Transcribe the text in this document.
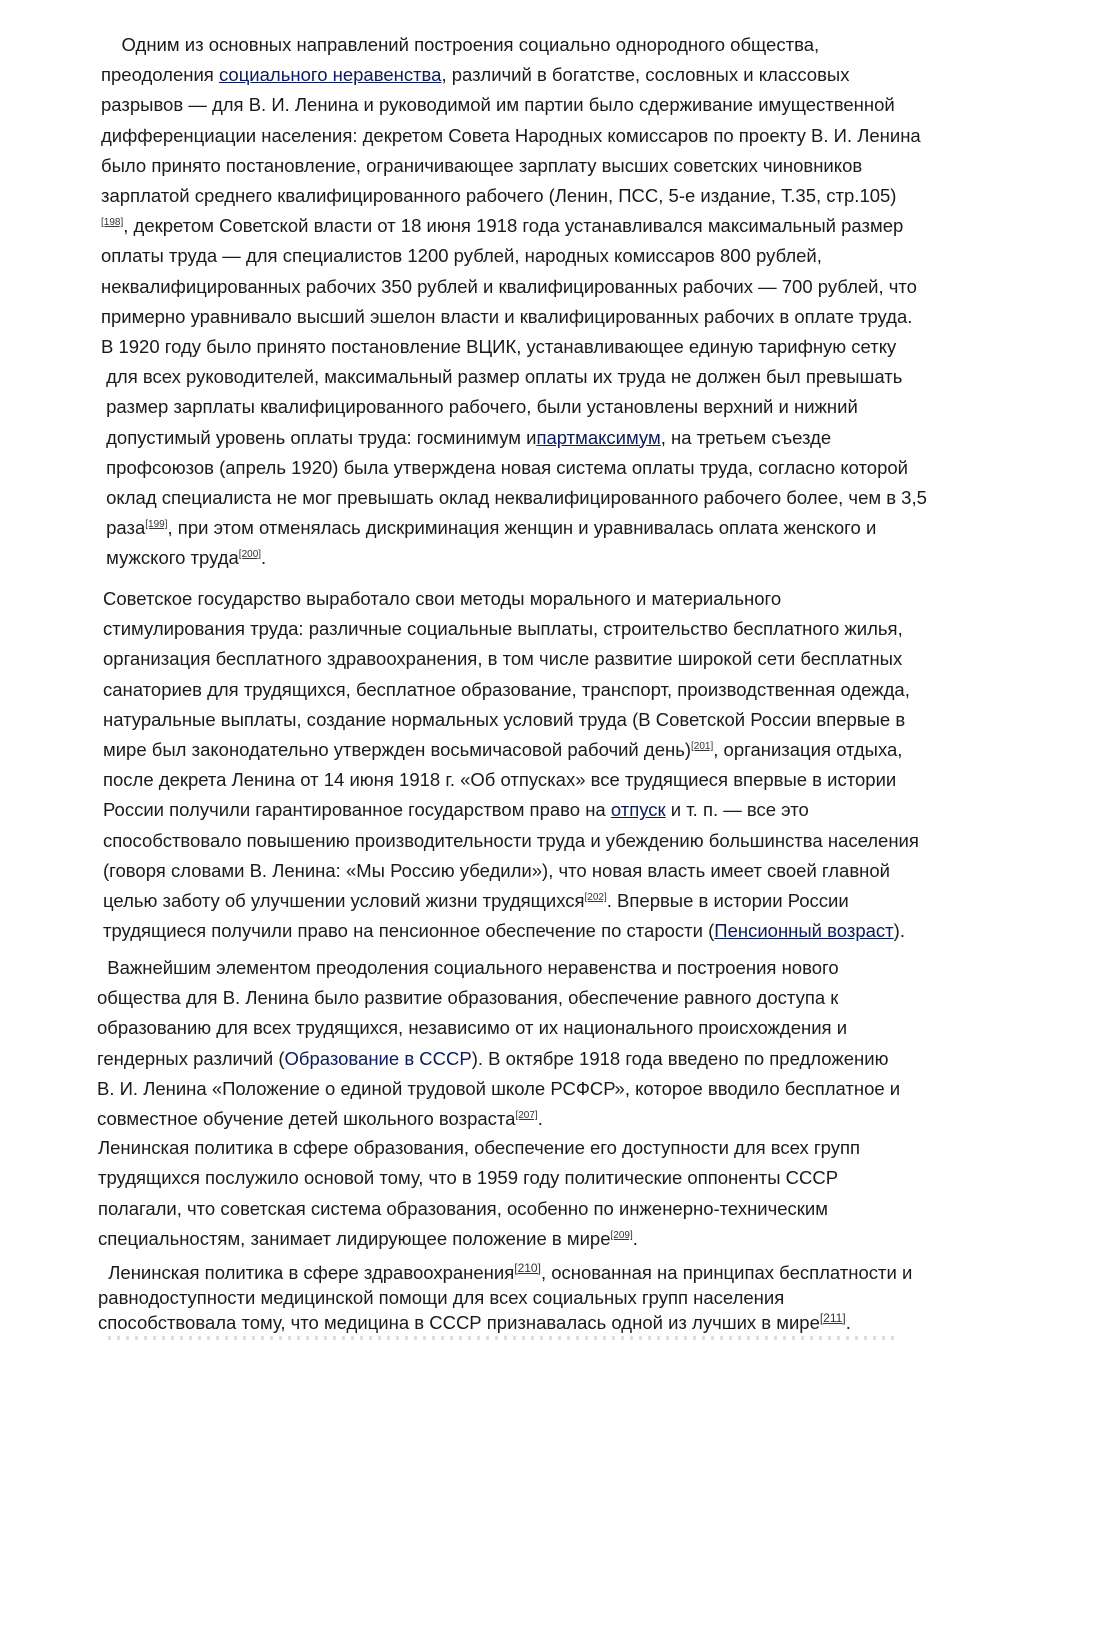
Одним из основных направлений построения социально однородного общества,
преодоления социального неравенства, различий в богатстве, сословных и классовых
разрывов — для В. И. Ленина и руководимой им партии было сдерживание имущественной
дифференциации населения: декретом Совета Народных комиссаров по проекту В. И. Ленина
было принято постановление, ограничивающее зарплату высших советских чиновников
зарплатой среднего квалифицированного рабочего (Ленин, ПСС, 5-е издание, Т.35, стр.105)
[198], декретом Советской власти от 18 июня 1918 года устанавливался максимальный размер
оплаты труда — для специалистов 1200 рублей, народных комиссаров 800 рублей,
неквалифицированных рабочих 350 рублей и квалифицированных рабочих — 700 рублей, что
примерно уравнивало высший эшелон власти и квалифицированных рабочих в оплате труда.
В 1920 году было принято постановление ВЦИК, устанавливающее единую тарифную сетку
для всех руководителей, максимальный размер оплаты их труда не должен был превышать
размер зарплаты квалифицированного рабочего, были установлены верхний и нижний
допустимый уровень оплаты труда: госминимум ипартмаксимум, на третьем съезде
профсоюзов (апрель 1920) была утверждена новая система оплаты труда, согласно которой
оклад специалиста не мог превышать оклад неквалифицированного рабочего более, чем в 3,5
раза[199], при этом отменялась дискриминация женщин и уравнивалась оплата женского и
мужского труда[200].
Советское государство выработало свои методы морального и материального
стимулирования труда: различные социальные выплаты, строительство бесплатного жилья,
организация бесплатного здравоохранения, в том числе развитие широкой сети бесплатных
санаториев для трудящихся, бесплатное образование, транспорт, производственная одежда,
натуральные выплаты, создание нормальных условий труда (В Советской России впервые в
мире был законодательно утвержден восьмичасовой рабочий день)[201], организация отдыха,
после декрета Ленина от 14 июня 1918 г. «Об отпусках» все трудящиеся впервые в истории
России получили гарантированное государством право на отпуск и т. п. — все это
способствовало повышению производительности труда и убеждению большинства населения
(говоря словами В. Ленина: «Мы Россию убедили»), что новая власть имеет своей главной
целью заботу об улучшении условий жизни трудящихся[202]. Впервые в истории России
трудящиеся получили право на пенсионное обеспечение по старости (Пенсионный возраст).
Важнейшим элементом преодоления социального неравенства и построения нового
общества для В. Ленина было развитие образования, обеспечение равного доступа к
образованию для всех трудящихся, независимо от их национального происхождения и
гендерных различий (Образование в СССР). В октябре 1918 года введено по предложению
В. И. Ленина «Положение о единой трудовой школе РСФСР», которое вводило бесплатное и
совместное обучение детей школьного возраста[207].
Ленинская политика в сфере образования, обеспечение его доступности для всех групп
трудящихся послужило основой тому, что в 1959 году политические оппоненты СССР
полагали, что советская система образования, особенно по инженерно-техническим
специальностям, занимает лидирующее положение в мире[209].
Ленинская политика в сфере здравоохранения[210], основанная на принципах бесплатности и
равнодоступности медицинской помощи для всех социальных групп населения
способствовала тому, что медицина в СССР признавалась одной из лучших в мире[211].
